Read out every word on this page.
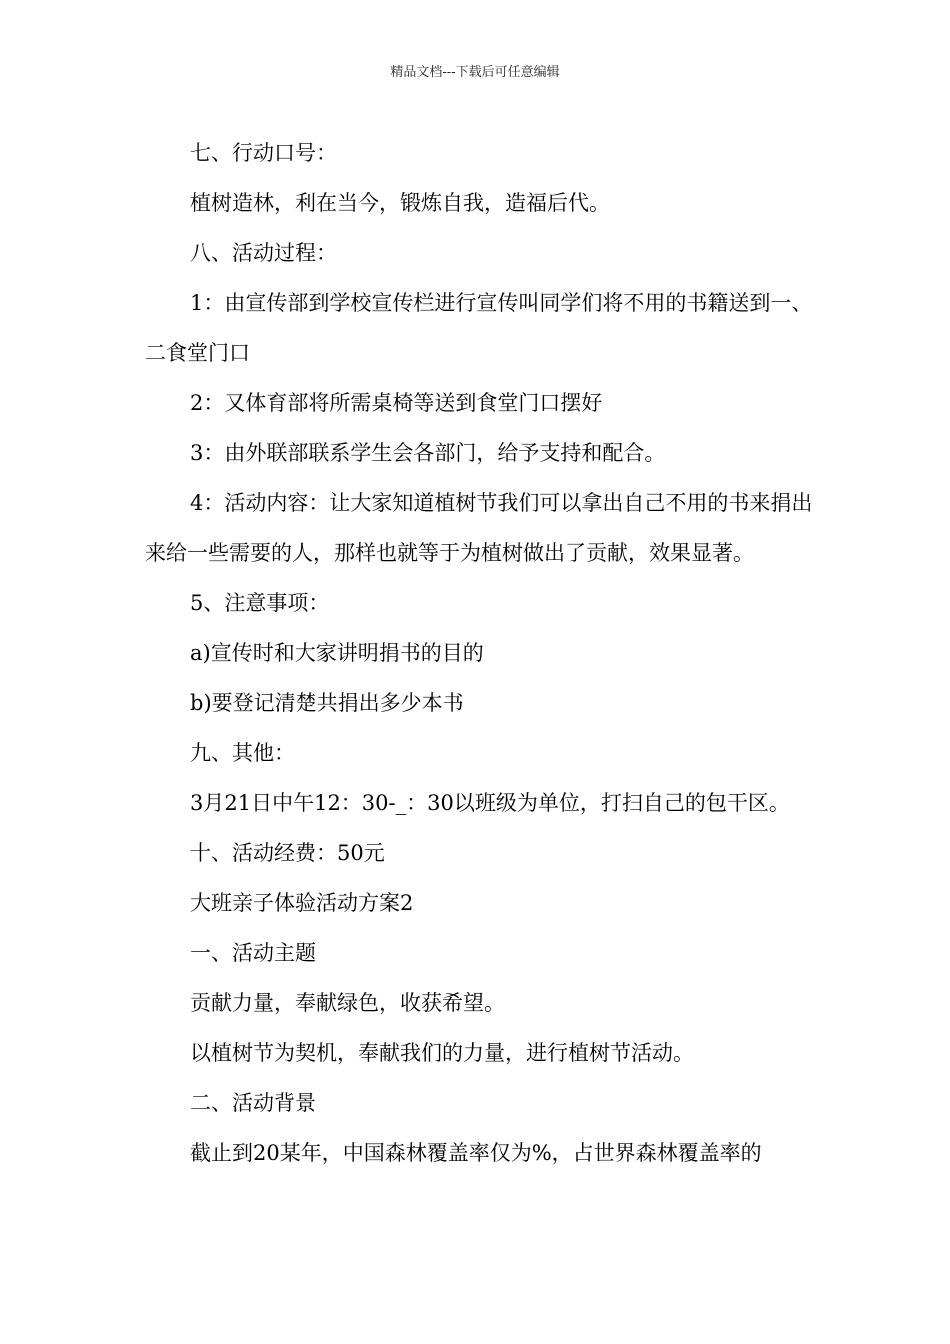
精品文档---下载后可任意编辑

七、行动口号：

植树造林，利在当今，锻炼自我，造福后代。

八、活动过程：

1：由宣传部到学校宣传栏进行宣传叫同学们将不用的书籍送到一、二食堂门口

2：又体育部将所需桌椅等送到食堂门口摆好

3：由外联部联系学生会各部门，给予支持和配合。

4：活动内容：让大家知道植树节我们可以拿出自己不用的书来捐出来给一些需要的人，那样也就等于为植树做出了贡献，效果显著。

5、注意事项：

a)宣传时和大家讲明捐书的目的

b)要登记清楚共捐出多少本书

九、其他：

3月21日中午12：30-_：30以班级为单位，打扫自己的包干区。

十、活动经费：50元

大班亲子体验活动方案2

一、活动主题

贡献力量，奉献绿色，收获希望。

以植树节为契机，奉献我们的力量，进行植树节活动。

二、活动背景

截止到20某年，中国森林覆盖率仅为%，占世界森林覆盖率的
